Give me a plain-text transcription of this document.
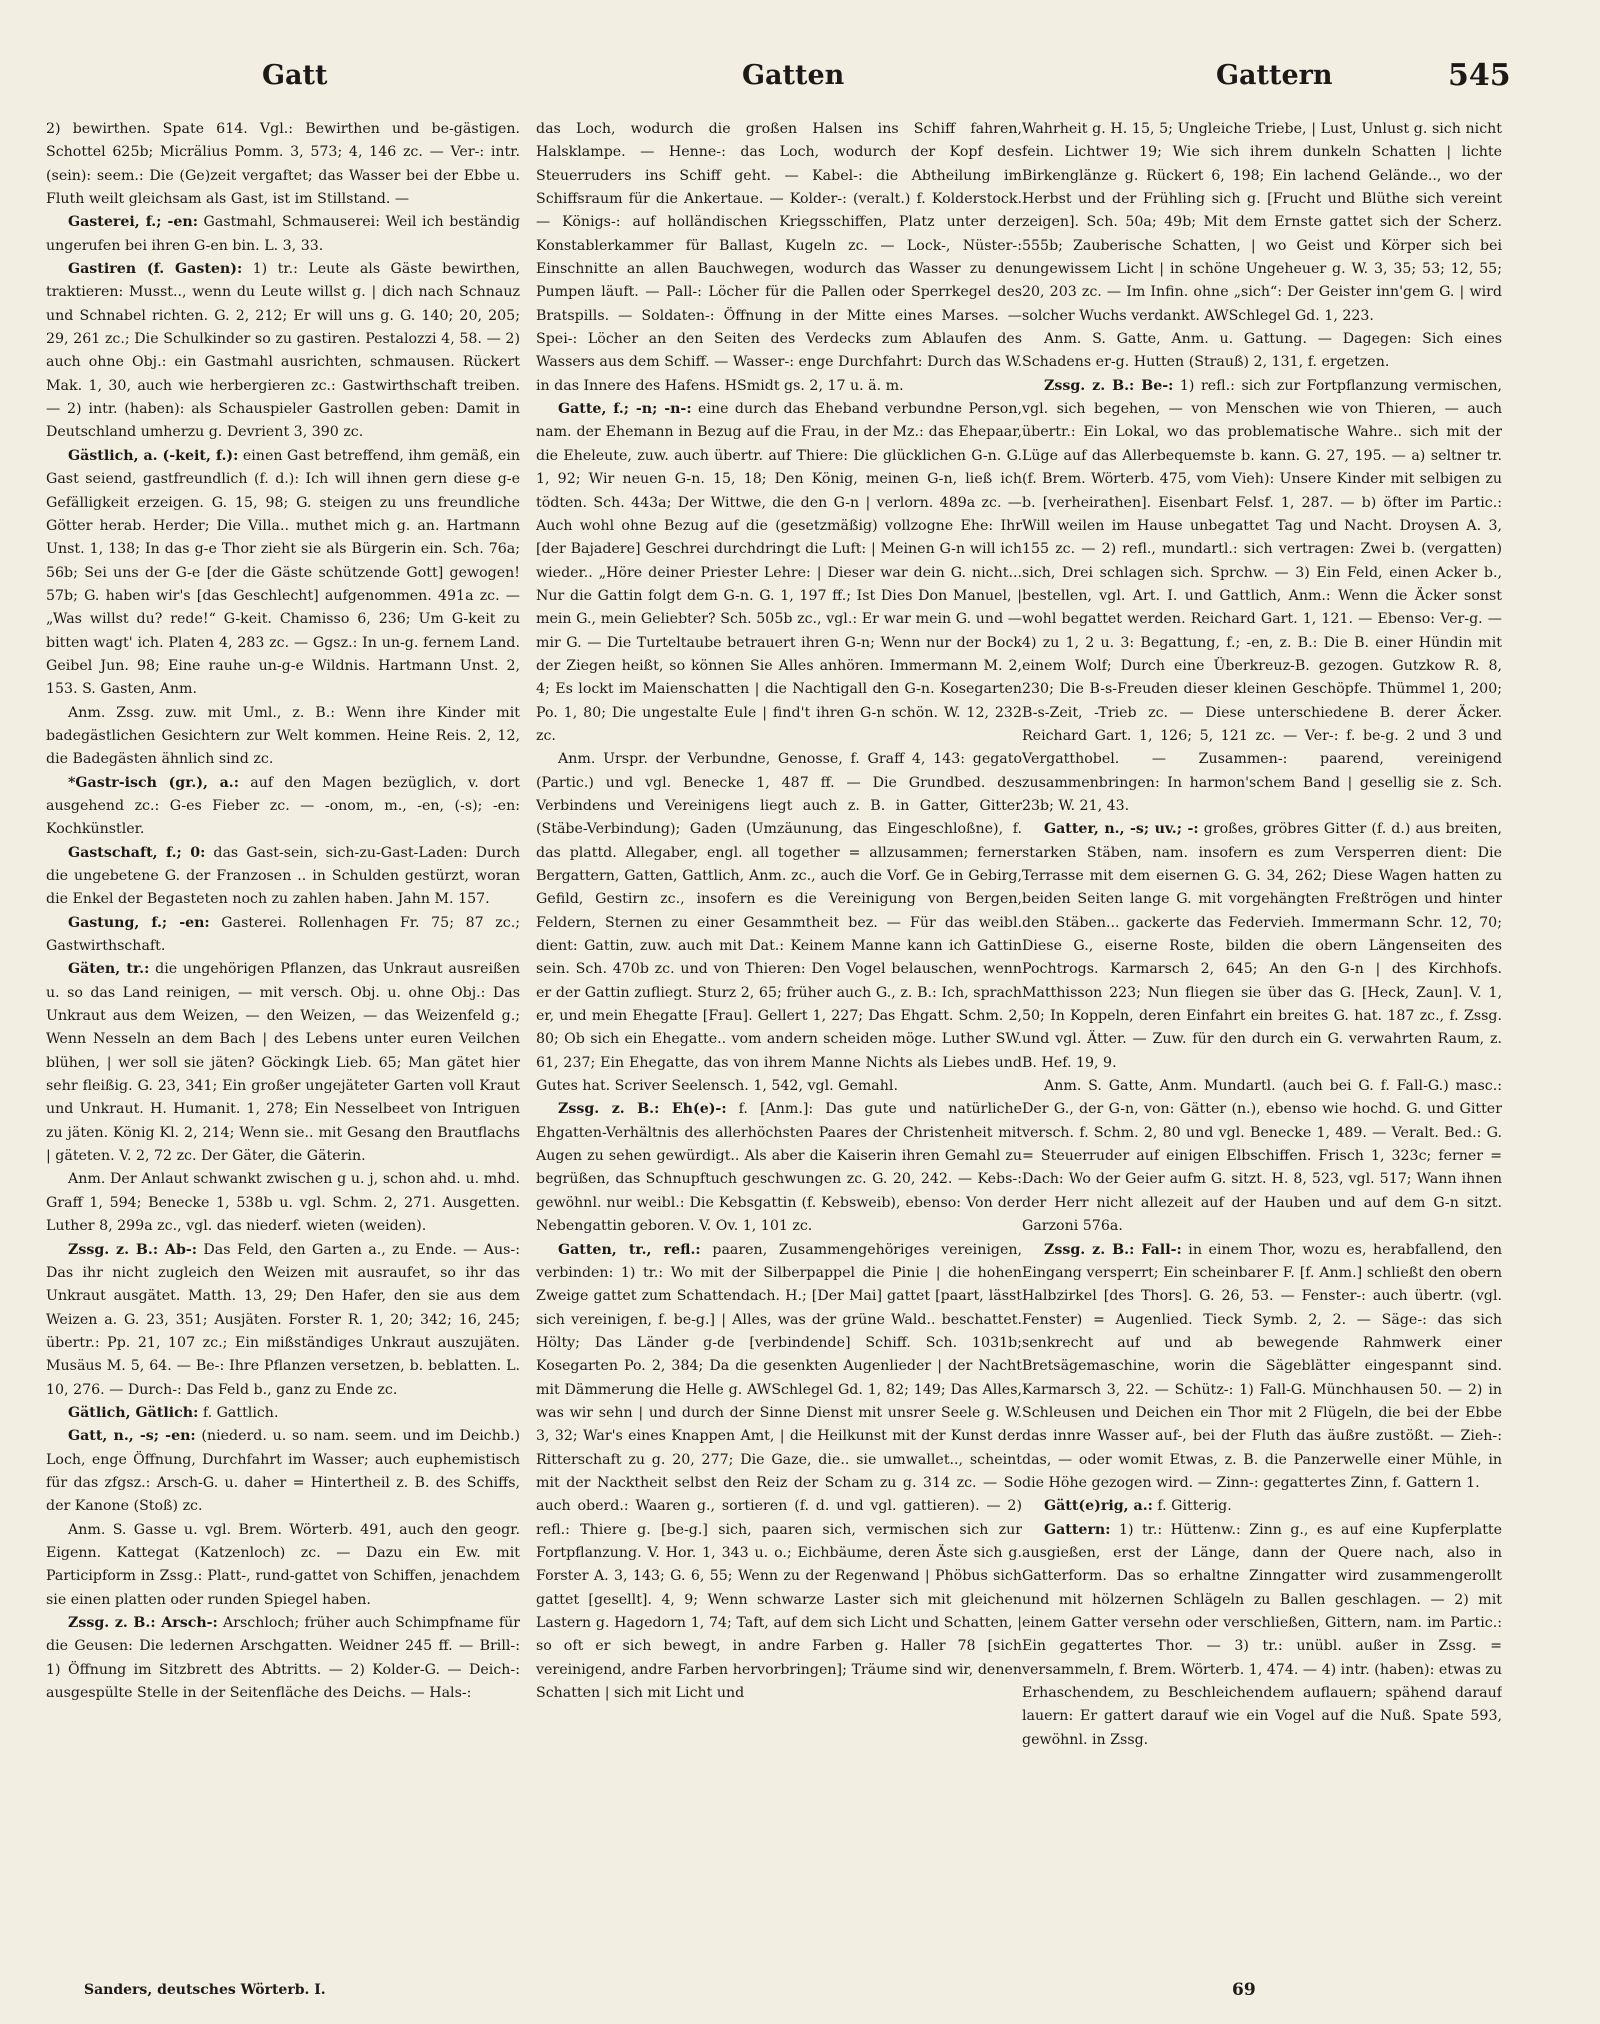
Gatt	Gatten	Gattern	545

2) bewirthen. Spate 614. Vgl.: Bewirthen und be-gästigen. Schottel 625b; Micrälius Pomm. 3, 573; 4, 146 zc. — Ver-: intr. (sein): seem.: Die (Ge)zeit vergaftet; das Wasser bei der Ebbe u. Fluth weilt gleichsam als Gast, ist im Stillstand. —

Gasterei, f.; -en: Gastmahl, Schmauserei: Weil ich beständig ungerufen bei ihren G-en bin. L. 3, 33.

Gastiren (f. Gasten): 1) tr.: Leute als Gäste bewirthen, traktieren: Musst.., wenn du Leute willst g. | dich nach Schnauz und Schnabel richten. G. 2, 212; Er will uns g. G. 140; 20, 205; 29, 261 zc.; Die Schulkinder so zu gastiren. Pestalozzi 4, 58. — 2) auch ohne Obj.: ein Gastmahl ausrichten, schmausen. Rückert Mak. 1, 30, auch wie herbergieren zc.: Gastwirthschaft treiben. — 2) intr. (haben): als Schauspieler Gastrollen geben: Damit in Deutschland umherzu g. Devrient 3, 390 zc.

Gästlich, a. (-keit, f.): einen Gast betreffend, ihm gemäß, ein Gast seiend, gastfreundlich (f. d.): Ich will ihnen gern diese g-e Gefälligkeit erzeigen. G. 15, 98; G. steigen zu uns freundliche Götter herab. Herder; Die Villa.. muthet mich g. an. Hartmann Unst. 1, 138; In das g-e Thor zieht sie als Bürgerin ein. Sch. 76a; 56b; Sei uns der G-e [der die Gäste schützende Gott] gewogen! 57b; G. haben wir's [das Geschlecht] aufgenommen. 491a zc. — „Was willst du? rede!“ G-keit. Chamisso 6, 236; Um G-keit zu bitten wagt' ich. Platen 4, 283 zc. — Ggsz.: In un-g. fernem Land. Geibel Jun. 98; Eine rauhe un-g-e Wildnis. Hartmann Unst. 2, 153. S. Gasten, Anm.

Anm. Zssg. zuw. mit Uml., z. B.: Wenn ihre Kinder mit badegästlichen Gesichtern zur Welt kommen. Heine Reis. 2, 12, die Badegästen ähnlich sind zc.

*Gastr-isch (gr.), a.: auf den Magen bezüglich, v. dort ausgehend zc.: G-es Fieber zc. — -onom, m., -en, (-s); -en: Kochkünstler.

Gastschaft, f.; 0: das Gast-sein, sich-zu-Gast-Laden: Durch die ungebetene G. der Franzosen .. in Schulden gestürzt, woran die Enkel der Begasteten noch zu zahlen haben. Jahn M. 157.

Gastung, f.; -en: Gasterei. Rollenhagen Fr. 75; 87 zc.; Gastwirthschaft.

Gäten, tr.: die ungehörigen Pflanzen, das Unkraut ausreißen u. so das Land reinigen, — mit versch. Obj. u. ohne Obj.: Das Unkraut aus dem Weizen, — den Weizen, — das Weizenfeld g.; Wenn Nesseln an dem Bach | des Lebens unter euren Veilchen blühen, | wer soll sie jäten? Göckingk Lieb. 65; Man gätet hier sehr fleißig. G. 23, 341; Ein großer ungejäteter Garten voll Kraut und Unkraut. H. Humanit. 1, 278; Ein Nesselbeet von Intriguen zu jäten. König Kl. 2, 214; Wenn sie.. mit Gesang den Brautflachs | gäteten. V. 2, 72 zc. Der Gäter, die Gäterin.

Anm. Der Anlaut schwankt zwischen g u. j, schon ahd. u. mhd. Graff 1, 594; Benecke 1, 538b u. vgl. Schm. 2, 271. Ausgetten. Luther 8, 299a zc., vgl. das niederf. wieten (weiden).

Zssg. z. B.: Ab-: Das Feld, den Garten a., zu Ende. — Aus-: Das ihr nicht zugleich den Weizen mit ausraufet, so ihr das Unkraut ausgätet. Matth. 13, 29; Den Hafer, den sie aus dem Weizen a. G. 23, 351; Ausjäten. Forster R. 1, 20; 342; 16, 245; übertr.: Pp. 21, 107 zc.; Ein mißständiges Unkraut auszujäten. Musäus M. 5, 64. — Be-: Ihre Pflanzen versetzen, b. beblatten. L. 10, 276. — Durch-: Das Feld b., ganz zu Ende zc.

Gätlich, Gätlich: f. Gattlich.

Gatt, n., -s; -en: (niederd. u. so nam. seem. und im Deichb.) Loch, enge Öffnung, Durchfahrt im Wasser; auch euphemistisch für das zfgsz.: Arsch-G. u. daher = Hintertheil z. B. des Schiffs, der Kanone (Stoß) zc.

Anm. S. Gasse u. vgl. Brem. Wörterb. 491, auch den geogr. Eigenn. Kattegat (Katzenloch) zc. — Dazu ein Ew. mit Participform in Zssg.: Platt-, rund-gattet von Schiffen, jenachdem sie einen platten oder runden Spiegel haben.

Zssg. z. B.: Arsch-: Arschloch; früher auch Schimpfname für die Geusen: Die ledernen Arschgatten. Weidner 245 ff. — Brill-: 1) Öffnung im Sitzbrett des Abtritts. — 2) Kolder-G. — Deich-: ausgespülte Stelle in der Seitenfläche des Deichs. — Hals-:

das Loch, wodurch die großen Halsen ins Schiff fahren, Halsklampe. — Henne-: das Loch, wodurch der Kopf des Steuerruders ins Schiff geht. — Kabel-: die Abtheilung im Schiffsraum für die Ankertaue. — Kolder-: (veralt.) f. Kolderstock. — Königs-: auf holländischen Kriegsschiffen, Platz unter der Konstablerkammer für Ballast, Kugeln zc. — Lock-, Nüster-: Einschnitte an allen Bauchwegen, wodurch das Wasser zu den Pumpen läuft. — Pall-: Löcher für die Pallen oder Sperrkegel des Bratspills. — Soldaten-: Öffnung in der Mitte eines Marses. — Spei-: Löcher an den Seiten des Verdecks zum Ablaufen des Wassers aus dem Schiff. — Wasser-: enge Durchfahrt: Durch das W. in das Innere des Hafens. HSmidt gs. 2, 17 u. ä. m.

Gatte, f.; -n; -n-: eine durch das Eheband verbundne Person, nam. der Ehemann in Bezug auf die Frau, in der Mz.: das Ehepaar, die Eheleute, zuw. auch übertr. auf Thiere: Die glücklichen G-n. G. 1, 92; Wir neuen G-n. 15, 18; Den König, meinen G-n, ließ ich tödten. Sch. 443a; Der Wittwe, die den G-n | verlorn. 489a zc. — Auch wohl ohne Bezug auf die (gesetzmäßig) vollzogne Ehe: Ihr [der Bajadere] Geschrei durchdringt die Luft: | Meinen G-n will ich wieder.. „Höre deiner Priester Lehre: | Dieser war dein G. nicht... Nur die Gattin folgt dem G-n. G. 1, 197 ff.; Ist Dies Don Manuel, | mein G., mein Geliebter? Sch. 505b zc., vgl.: Er war mein G. und — mir G. — Die Turteltaube betrauert ihren G-n; Wenn nur der Bock der Ziegen heißt, so können Sie Alles anhören. Immermann M. 2, 4; Es lockt im Maienschatten | die Nachtigall den G-n. Kosegarten Po. 1, 80; Die ungestalte Eule | find't ihren G-n schön. W. 12, 232 zc.

Anm. Urspr. der Verbundne, Genosse, f. Graff 4, 143: gegato (Partic.) und vgl. Benecke 1, 487 ff. — Die Grundbed. des Verbindens und Vereinigens liegt auch z. B. in Gatter, Gitter (Stäbe-Verbindung); Gaden (Umzäunung, das Eingeschloßne), f. das plattd. Allegaber, engl. all together = allzusammen; ferner Bergattern, Gatten, Gattlich, Anm. zc., auch die Vorf. Ge in Gebirg, Gefild, Gestirn zc., insofern es die Vereinigung von Bergen, Feldern, Sternen zu einer Gesammtheit bez. — Für das weibl. dient: Gattin, zuw. auch mit Dat.: Keinem Manne kann ich Gattin sein. Sch. 470b zc. und von Thieren: Den Vogel belauschen, wenn er der Gattin zufliegt. Sturz 2, 65; früher auch G., z. B.: Ich, sprach er, und mein Ehegatte [Frau]. Gellert 1, 227; Das Ehgatt. Schm. 2, 80; Ob sich ein Ehegatte.. vom andern scheiden möge. Luther SW. 61, 237; Ein Ehegatte, das von ihrem Manne Nichts als Liebes und Gutes hat. Scriver Seelensch. 1, 542, vgl. Gemahl.

Zssg. z. B.: Eh(e)-: f. [Anm.]: Das gute und natürliche Ehgatten-Verhältnis des allerhöchsten Paares der Christenheit mit Augen zu sehen gewürdigt.. Als aber die Kaiserin ihren Gemahl zu begrüßen, das Schnupftuch geschwungen zc. G. 20, 242. — Kebs-: gewöhnl. nur weibl.: Die Kebsgattin (f. Kebsweib), ebenso: Von der Nebengattin geboren. V. Ov. 1, 101 zc.

Gatten, tr., refl.: paaren, Zusammengehöriges vereinigen, verbinden: 1) tr.: Wo mit der Silberpappel die Pinie | die hohen Zweige gattet zum Schattendach. H.; [Der Mai] gattet [paart, lässt sich vereinigen, f. be-g.] | Alles, was der grüne Wald.. beschattet. Hölty; Das Länder g-de [verbindende] Schiff. Sch. 1031b; Kosegarten Po. 2, 384; Da die gesenkten Augenlieder | der Nacht mit Dämmerung die Helle g. AWSchlegel Gd. 1, 82; 149; Das Alles, was wir sehn | und durch der Sinne Dienst mit unsrer Seele g. W. 3, 32; War's eines Knappen Amt, | die Heilkunst mit der Kunst der Ritterschaft zu g. 20, 277; Die Gaze, die.. sie umwallet.., scheint mit der Nacktheit selbst den Reiz der Scham zu g. 314 zc. — So auch oberd.: Waaren g., sortieren (f. d. und vgl. gattieren). — 2) refl.: Thiere g. [be-g.] sich, paaren sich, vermischen sich zur Fortpflanzung. V. Hor. 1, 343 u. o.; Eichbäume, deren Äste sich g. Forster A. 3, 143; G. 6, 55; Wenn zu der Regenwand | Phöbus sich gattet [gesellt]. 4, 9; Wenn schwarze Laster sich mit gleichen Lastern g. Hagedorn 1, 74; Taft, auf dem sich Licht und Schatten, | so oft er sich bewegt, in andre Farben g. Haller 78 [sich vereinigend, andre Farben hervorbringen]; Träume sind wir, denen Schatten | sich mit Licht und

Wahrheit g. H. 15, 5; Ungleiche Triebe, | Lust, Unlust g. sich nicht fein. Lichtwer 19; Wie sich ihrem dunkeln Schatten | lichte Birkenglänze g. Rückert 6, 198; Ein lachend Gelände.., wo der Herbst und der Frühling sich g. [Frucht und Blüthe sich vereint zeigen]. Sch. 50a; 49b; Mit dem Ernste gattet sich der Scherz. 555b; Zauberische Schatten, | wo Geist und Körper sich bei ungewissem Licht | in schöne Ungeheuer g. W. 3, 35; 53; 12, 55; 20, 203 zc. — Im Infin. ohne „sich“: Der Geister inn'gem G. | wird solcher Wuchs verdankt. AWSchlegel Gd. 1, 223.

Anm. S. Gatte, Anm. u. Gattung. — Dagegen: Sich eines Schadens er-g. Hutten (Strauß) 2, 131, f. ergetzen.

Zssg. z. B.: Be-: 1) refl.: sich zur Fortpflanzung vermischen, vgl. sich begehen, — von Menschen wie von Thieren, — auch übertr.: Ein Lokal, wo das problematische Wahre.. sich mit der Lüge auf das Allerbequemste b. kann. G. 27, 195. — a) seltner tr. (f. Brem. Wörterb. 475, vom Vieh): Unsere Kinder mit selbigen zu b. [verheirathen]. Eisenbart Felsf. 1, 287. — b) öfter im Partic.: Will weilen im Hause unbegattet Tag und Nacht. Droysen A. 3, 155 zc. — 2) refl., mundartl.: sich vertragen: Zwei b. (vergatten) sich, Drei schlagen sich. Sprchw. — 3) Ein Feld, einen Acker b., bestellen, vgl. Art. I. und Gattlich, Anm.: Wenn die Äcker sonst wohl begattet werden. Reichard Gart. 1, 121. — Ebenso: Ver-g. — 4) zu 1, 2 u. 3: Begattung, f.; -en, z. B.: Die B. einer Hündin mit einem Wolf; Durch eine Überkreuz-B. gezogen. Gutzkow R. 8, 230; Die B-s-Freuden dieser kleinen Geschöpfe. Thümmel 1, 200; B-s-Zeit, -Trieb zc. — Diese unterschiedene B. derer Äcker. Reichard Gart. 1, 126; 5, 121 zc. — Ver-: f. be-g. 2 und 3 und Vergatthobel. — Zusammen-: paarend, vereinigend zusammenbringen: In harmon'schem Band | gesellig sie z. Sch. 23b; W. 21, 43.

Gatter, n., -s; uv.; -: großes, gröbres Gitter (f. d.) aus breiten, starken Stäben, nam. insofern es zum Versperren dient: Die Terrasse mit dem eisernen G. G. 34, 262; Diese Wagen hatten zu beiden Seiten lange G. mit vorgehängten Freßtrögen und hinter den Stäben... gackerte das Federvieh. Immermann Schr. 12, 70; Diese G., eiserne Roste, bilden die obern Längenseiten des Pochtrogs. Karmarsch 2, 645; An den G-n | des Kirchhofs. Matthisson 223; Nun fliegen sie über das G. [Heck, Zaun]. V. 1, 50; In Koppeln, deren Einfahrt ein breites G. hat. 187 zc., f. Zssg. und vgl. Ätter. — Zuw. für den durch ein G. verwahrten Raum, z. B. Hef. 19, 9.

Anm. S. Gatte, Anm. Mundartl. (auch bei G. f. Fall-G.) masc.: Der G., der G-n, von: Gätter (n.), ebenso wie hochd. G. und Gitter versch. f. Schm. 2, 80 und vgl. Benecke 1, 489. — Veralt. Bed.: G. = Steuerruder auf einigen Elbschiffen. Frisch 1, 323c; ferner = Dach: Wo der Geier aufm G. sitzt. H. 8, 523, vgl. 517; Wann ihnen der Herr nicht allezeit auf der Hauben und auf dem G-n sitzt. Garzoni 576a.

Zssg. z. B.: Fall-: in einem Thor, wozu es, herabfallend, den Eingang versperrt; Ein scheinbarer F. [f. Anm.] schließt den obern Halbzirkel [des Thors]. G. 26, 53. — Fenster-: auch übertr. (vgl. Fenster) = Augenlied. Tieck Symb. 2, 2. — Säge-: das sich senkrecht auf und ab bewegende Rahmwerk einer Bretsägemaschine, worin die Sägeblätter eingespannt sind. Karmarsch 3, 22. — Schütz-: 1) Fall-G. Münchhausen 50. — 2) in Schleusen und Deichen ein Thor mit 2 Flügeln, die bei der Ebbe das innre Wasser auf-, bei der Fluth das äußre zustößt. — Zieh-: das, — oder womit Etwas, z. B. die Panzerwelle einer Mühle, in die Höhe gezogen wird. — Zinn-: gegattertes Zinn, f. Gattern 1.

Gätt(e)rig, a.: f. Gitterig.

Gattern: 1) tr.: Hüttenw.: Zinn g., es auf eine Kupferplatte ausgießen, erst der Länge, dann der Quere nach, also in Gatterform. Das so erhaltne Zinngatter wird zusammengerollt und mit hölzernen Schlägeln zu Ballen geschlagen. — 2) mit einem Gatter versehn oder verschließen, Gittern, nam. im Partic.: Ein gegattertes Thor. — 3) tr.: unübl. außer in Zssg. = versammeln, f. Brem. Wörterb. 1, 474. — 4) intr. (haben): etwas zu Erhaschendem, zu Beschleichendem auflauern; spähend darauf lauern: Er gattert darauf wie ein Vogel auf die Nuß. Spate 593, gewöhnl. in Zssg.

Sanders, deutsches Wörterb. I.	69
